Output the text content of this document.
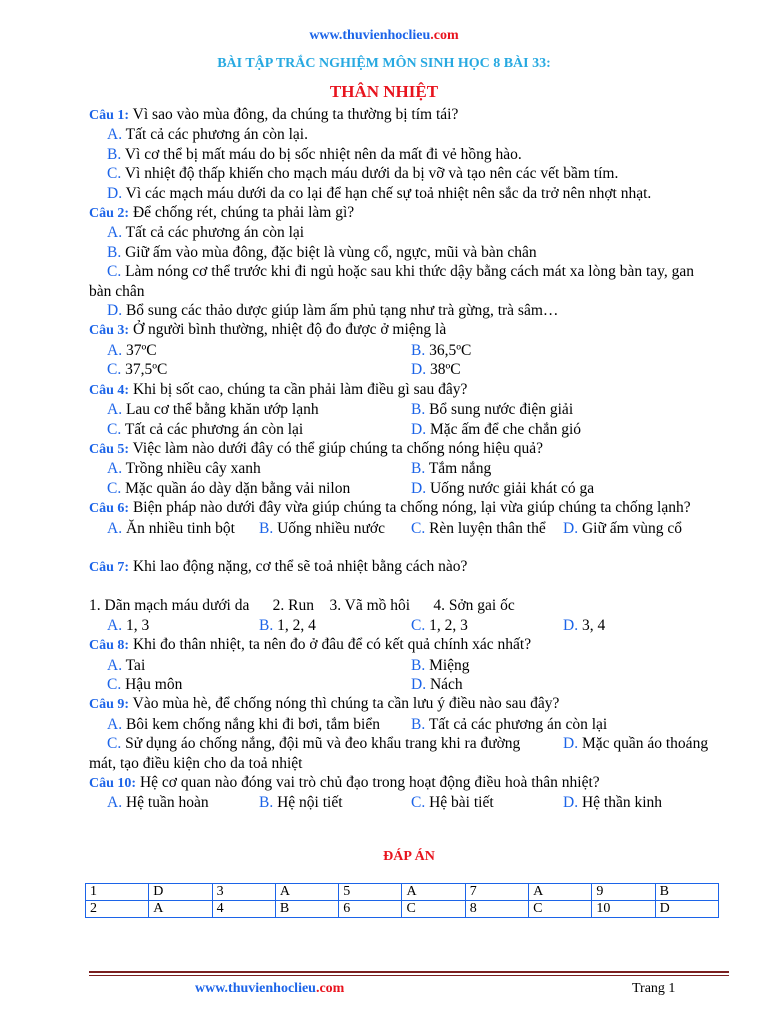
www.thuvienhoclieu.com
BÀI TẬP TRẮC NGHIỆM MÔN SINH HỌC 8 BÀI 33:
THÂN NHIỆT
Câu 1: Vì sao vào mùa đông, da chúng ta thường bị tím tái?
A. Tất cả các phương án còn lại.
B. Vì cơ thể bị mất máu do bị sốc nhiệt nên da mất đi vẻ hồng hào.
C. Vì nhiệt độ thấp khiến cho mạch máu dưới da bị vỡ và tạo nên các vết bầm tím.
D. Vì các mạch máu dưới da co lại để hạn chế sự toả nhiệt nên sắc da trở nên nhợt nhạt.
Câu 2: Để chống rét, chúng ta phải làm gì?
A. Tất cả các phương án còn lại
B. Giữ ấm vào mùa đông, đặc biệt là vùng cổ, ngực, mũi và bàn chân
C. Làm nóng cơ thể trước khi đi ngủ hoặc sau khi thức dậy bằng cách mát xa lòng bàn tay, gan
bàn chân
D. Bổ sung các thảo dược giúp làm ấm phủ tạng như trà gừng, trà sâm…
Câu 3: Ở người bình thường, nhiệt độ đo được ở miệng là
A. 37ºC	B. 36,5ºC
C. 37,5ºC	D. 38ºC
Câu 4: Khi bị sốt cao, chúng ta cần phải làm điều gì sau đây?
A. Lau cơ thể bằng khăn ướp lạnh	B. Bổ sung nước điện giải
C. Tất cả các phương án còn lại	D. Mặc ấm để che chắn gió
Câu 5: Việc làm nào dưới đây có thể giúp chúng ta chống nóng hiệu quả?
A. Trồng nhiều cây xanh	B. Tắm nắng
C. Mặc quần áo dày dặn bằng vải nilon	D. Uống nước giải khát có ga
Câu 6: Biện pháp nào dưới đây vừa giúp chúng ta chống nóng, lại vừa giúp chúng ta chống lạnh?
A. Ăn nhiều tinh bột	B. Uống nhiều nước	C. Rèn luyện thân thể	D. Giữ ấm vùng cổ
Câu 7: Khi lao động nặng, cơ thể sẽ toả nhiệt bằng cách nào?
1. Dãn mạch máu dưới da      2. Run    3. Vã mồ hôi      4. Sởn gai ốc
A. 1, 3	B. 1, 2, 4	C. 1, 2, 3	D. 3, 4
Câu 8: Khi đo thân nhiệt, ta nên đo ở đâu để có kết quả chính xác nhất?
A. Tai	B. Miệng
C. Hậu môn	D. Nách
Câu 9: Vào mùa hè, để chống nóng thì chúng ta cần lưu ý điều nào sau đây?
A. Bôi kem chống nắng khi đi bơi, tắm biển	B. Tất cả các phương án còn lại
C. Sử dụng áo chống nắng, đội mũ và đeo khẩu trang khi ra đường	D. Mặc quần áo thoáng
mát, tạo điều kiện cho da toả nhiệt
Câu 10: Hệ cơ quan nào đóng vai trò chủ đạo trong hoạt động điều hoà thân nhiệt?
A. Hệ tuần hoàn	B. Hệ nội tiết	C. Hệ bài tiết	D. Hệ thần kinh
ĐÁP ÁN
1	D	3	A	5	A	7	A	9	B
2	A	4	B	6	C	8	C	10	D
www.thuvienhoclieu.com	Trang 1
